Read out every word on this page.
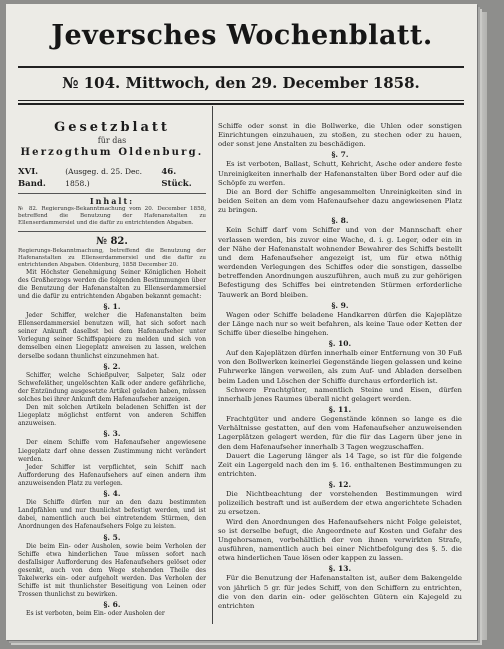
Jeversches Wochenblatt.
№ 104. Mittwoch, den 29. December 1858.
Gesetzblatt
für das
Herzogthum Oldenburg.
XVI. Band.
(Ausgeg. d. 25. Dec. 1858.)
46. Stück.
Inhalt:
№ 82. Regierungs-Bekanntmachung vom 20. December 1858, betreffend die Benutzung der Hafenanstalten zu Ellenserdammersiel und die dafür zu entrichtenden Abgaben.
№ 82.
Regierungs-Bekanntmachung, betreffend die Benutzung der Hafenanstalten zu Ellenserdammersiel und die dafür zu entrichtenden Abgaben. Oldenburg, 1858 December 20.

Mit Höchster Genehmigung Seiner Königlichen Hoheit des Großherzogs werden die folgenden Bestimmungen über die Benutzung der Hafenanstalten zu Ellenserdammersiel und die dafür zu entrichtenden Abgaben bekannt gemacht:

§. 1.

Jeder Schiffer, welcher die Hafenanstalten beim Ellenserdammersiel benutzen will, hat sich sofort nach seiner Ankunft daselbst bei dem Hafenaufseher unter Vorlegung seiner Schiffspapiere zu melden und sich von demselben einen Liegeplatz anweisen zu lassen, welchen derselbe sodann thunlichst einzunehmen hat.

§. 2.

Schiffer, welche Schießpulver, Salpeter, Salz oder Schwefeläther, ungelöschten Kalk oder andere gefährliche, der Entzündung ausgesetzte Artikel geladen haben, müssen solches bei ihrer Ankunft dem Hafenaufseher anzeigen.

Den mit solchen Artikeln beladenen Schiffen ist der Liegeplatz möglichst entfernt von anderen Schiffen anzuweisen.

§. 3.

Der einem Schiffe vom Hafenaufseher angewiesene Liegeplatz darf ohne dessen Zustimmung nicht verändert werden.

Jeder Schiffer ist verpflichtet, sein Schiff nach Aufforderung des Hafenaufsehers auf einen andern ihm anzuweisenden Platz zu verlegen.

§. 4.

Die Schiffe dürfen nur an den dazu bestimmten Landpfählen und nur thunlichst befestigt werden, und ist dabei, namentlich auch bei eintretendem Stürmen, den Anordnungen des Hafenaufsehers Folge zu leisten.

§. 5.

Die beim Ein- oder Ausholen, sowie beim Verholen der Schiffe etwa hinderlichen Taue müssen sofort nach desfallsiger Aufforderung des Hafenaufsehers gelöset oder gesenkt, auch von dem Wege stehenden Theile des Takelwerks ein- oder aufgeholt werden. Das Verholen der Schiffe ist mit thunlichster Beseitigung von Leinen oder Trossen thunlichst zu bewirken.

§. 6.

Es ist verboten, beim Ein- oder Ausholen der

Schiffe oder sonst in die Bollwerke, die Uhlen oder sonstigen Einrichtungen einzuhauen, zu stoßen, zu stechen oder zu hauen, oder sonst jene Anstalten zu beschädigen.

§. 7.

Es ist verboten, Ballast, Schutt, Kehricht, Asche oder andere feste Unreinigkeiten innerhalb der Hafenanstalten über Bord oder auf die Schöpfe zu werfen.

Die an Bord der Schiffe angesammelten Unreinigkeiten sind in beiden Seiten an dem vom Hafenaufseher dazu angewiesenen Platz zu bringen.

§. 8.

Kein Schiff darf vom Schiffer und von der Mannschaft eher verlassen werden, bis zuvor eine Wache, d. i. g. Leger, oder ein in der Nähe der Hafenanstalt wohnender Bewahrer des Schiffs bestellt und dem Hafenaufseher angezeigt ist, um für etwa nöthig werdenden Verlegungen des Schiffes oder die sonstigen, dasselbe betreffenden Anordnungen auszuführen, auch muß zu zur gehörigen Befestigung des Schiffes bei eintretenden Stürmen erforderliche Tauwerk an Bord bleiben.

§. 9.

Wagen oder Schiffe beladene Handkarren dürfen die Kajeplätze der Länge nach nur so weit befahren, als keine Taue oder Ketten der Schiffe über dieselbe hingehen.

§. 10.

Auf den Kajeplätzen dürfen innerhalb einer Entfernung von 30 Fuß von den Bollwerken keinerlei Gegenstände liegen gelassen und keine Fuhrwerke längen verweilen, als zum Auf- und Abladen derselben beim Laden und Löschen der Schiffe durchaus erforderlich ist.

Schwere Frachtgüter, namentlich Steine und Eisen, dürfen innerhalb jenes Raumes überall nicht gelagert werden.

§. 11.

Frachtgüter und andere Gegenstände können so lange es die Verhältnisse gestatten, auf den vom Hafenaufseher anzuweisenden Lagerplätzen gelagert werden, für die für das Lagern über jene in den dem Hafenaufseher innerhalb 3 Tagen wegzuschaffen.

Dauert die Lagerung länger als 14 Tage, so ist für die folgende Zeit ein Lagergeld nach den im §. 16. enthaltenen Bestimmungen zu entrichten.

§. 12.

Die Nichtbeachtung der vorstehenden Bestimmungen wird polizeilich bestraft und ist außerdem der etwa angerichtete Schaden zu ersetzen.

Wird den Anordnungen des Hafenaufsehers nicht Folge geleistet, so ist derselbe befugt, die Angeordnete auf Kosten und Gefahr des Ungehorsamen, vorbehältlich der von ihnen verwirkten Strafe, ausführen, namentlich auch bei einer Nichtbefolgung des §. 5. die etwa hinderlichen Taue lösen oder kappen zu lassen.

§. 13.

Für die Benutzung der Hafenanstalten ist, außer dem Bakengelde von jährlich 5 gr. für jedes Schiff, von den Schiffern zu entrichten, die von den darin ein- oder gelöschten Gütern ein Kajegeld zu entrichten
